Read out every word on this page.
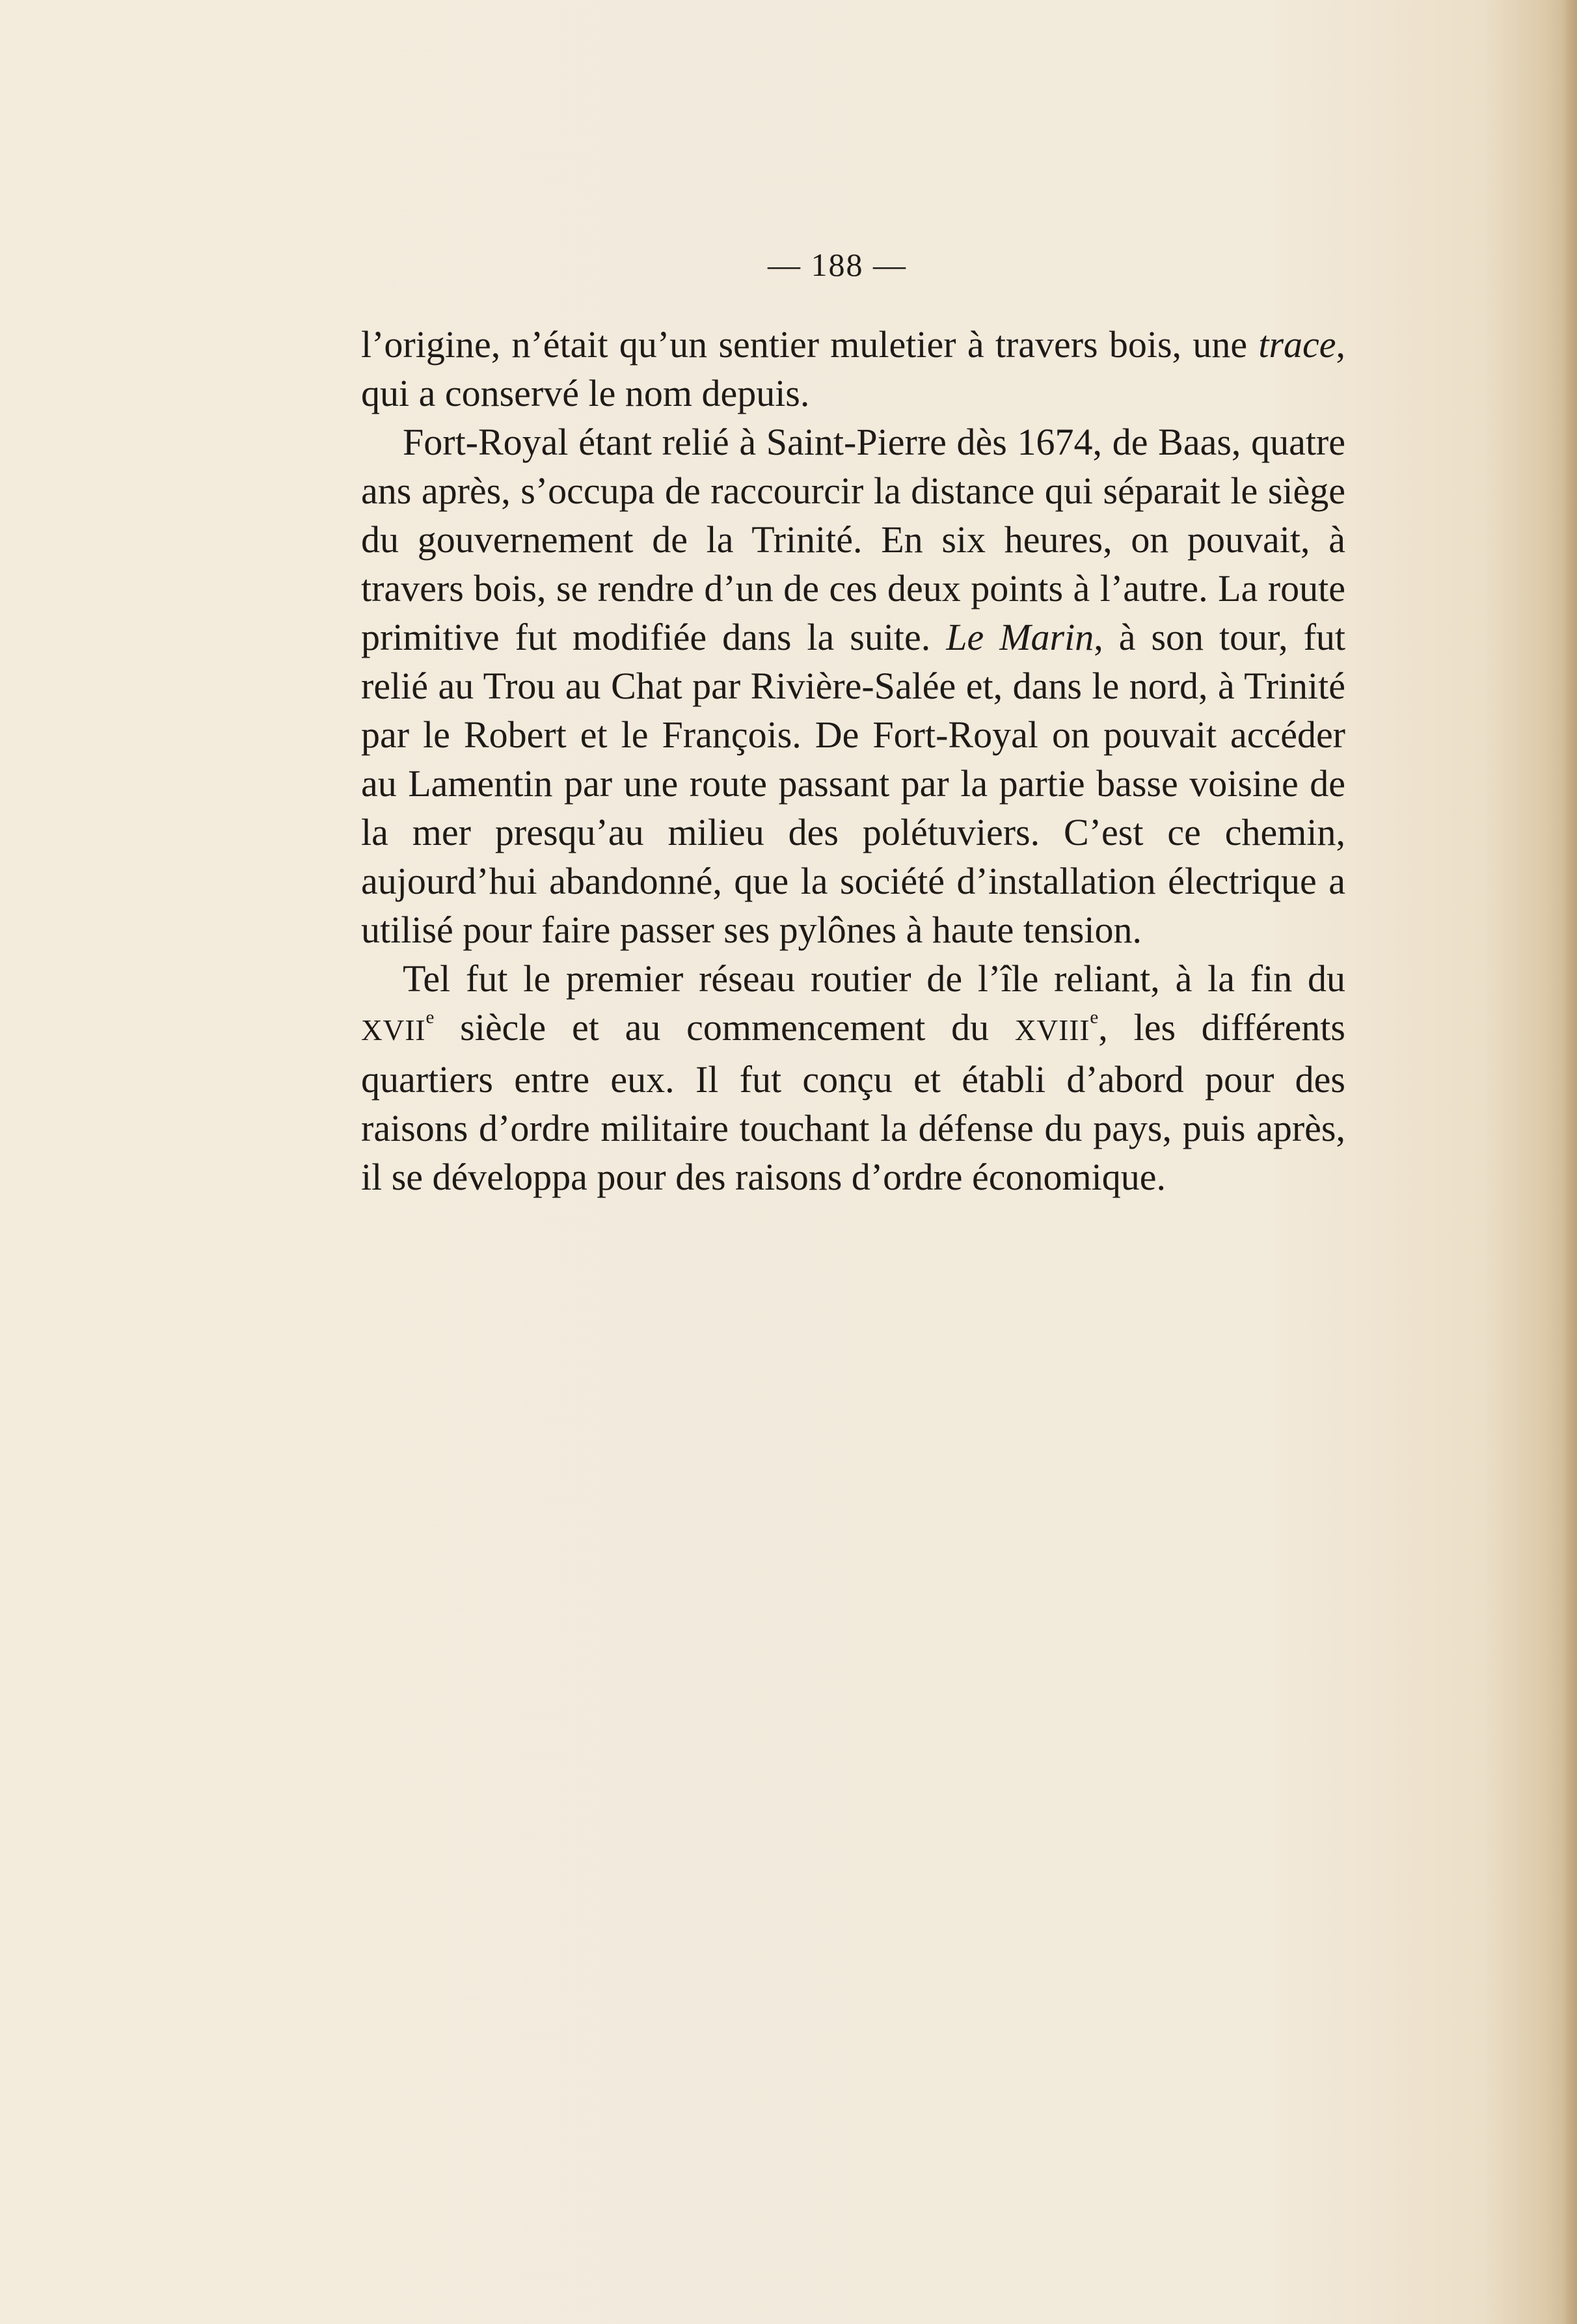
— 188 —

l’origine, n’était qu’un sentier muletier à travers bois, une trace, qui a conservé le nom depuis.

Fort-Royal étant relié à Saint-Pierre dès 1674, de Baas, quatre ans après, s’occupa de raccourcir la distance qui séparait le siège du gouvernement de la Trinité. En six heures, on pouvait, à travers bois, se rendre d’un de ces deux points à l’autre. La route primitive fut modifiée dans la suite. Le Marin, à son tour, fut relié au Trou au Chat par Rivière-Salée et, dans le nord, à Trinité par le Robert et le François. De Fort-Royal on pouvait accéder au Lamentin par une route passant par la partie basse voisine de la mer presqu’au milieu des polétuviers. C’est ce chemin, aujourd’hui abandonné, que la société d’installation électrique a utilisé pour faire passer ses pylônes à haute tension.

Tel fut le premier réseau routier de l’île reliant, à la fin du XVIIe siècle et au commencement du XVIIIe, les différents quartiers entre eux. Il fut conçu et établi d’abord pour des raisons d’ordre militaire touchant la défense du pays, puis après, il se développa pour des raisons d’ordre économique.
